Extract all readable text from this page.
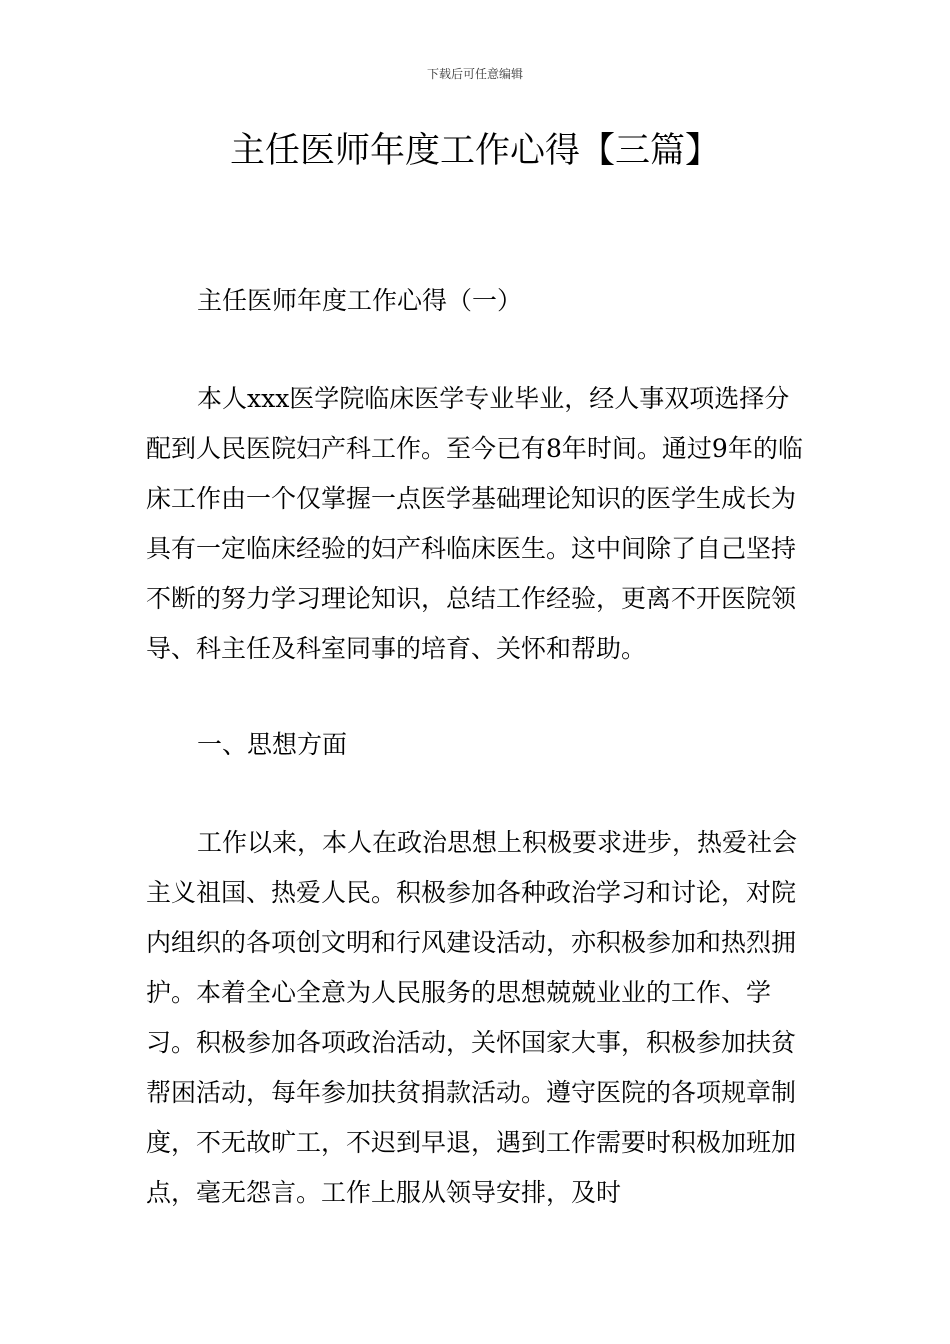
下载后可任意编辑
主任医师年度工作心得【三篇】

主任医师年度工作心得（一）

本人xxx医学院临床医学专业毕业，经人事双项选择分配到人民医院妇产科工作。至今已有8年时间。通过9年的临床工作由一个仅掌握一点医学基础理论知识的医学生成长为具有一定临床经验的妇产科临床医生。这中间除了自己坚持不断的努力学习理论知识，总结工作经验，更离不开医院领导、科主任及科室同事的培育、关怀和帮助。

一、思想方面

工作以来，本人在政治思想上积极要求进步，热爱社会主义祖国、热爱人民。积极参加各种政治学习和讨论，对院内组织的各项创文明和行风建设活动，亦积极参加和热烈拥护。本着全心全意为人民服务的思想兢兢业业的工作、学习。积极参加各项政治活动，关怀国家大事，积极参加扶贫帮困活动，每年参加扶贫捐款活动。遵守医院的各项规章制度，不无故旷工，不迟到早退，遇到工作需要时积极加班加点，毫无怨言。工作上服从领导安排，及时
